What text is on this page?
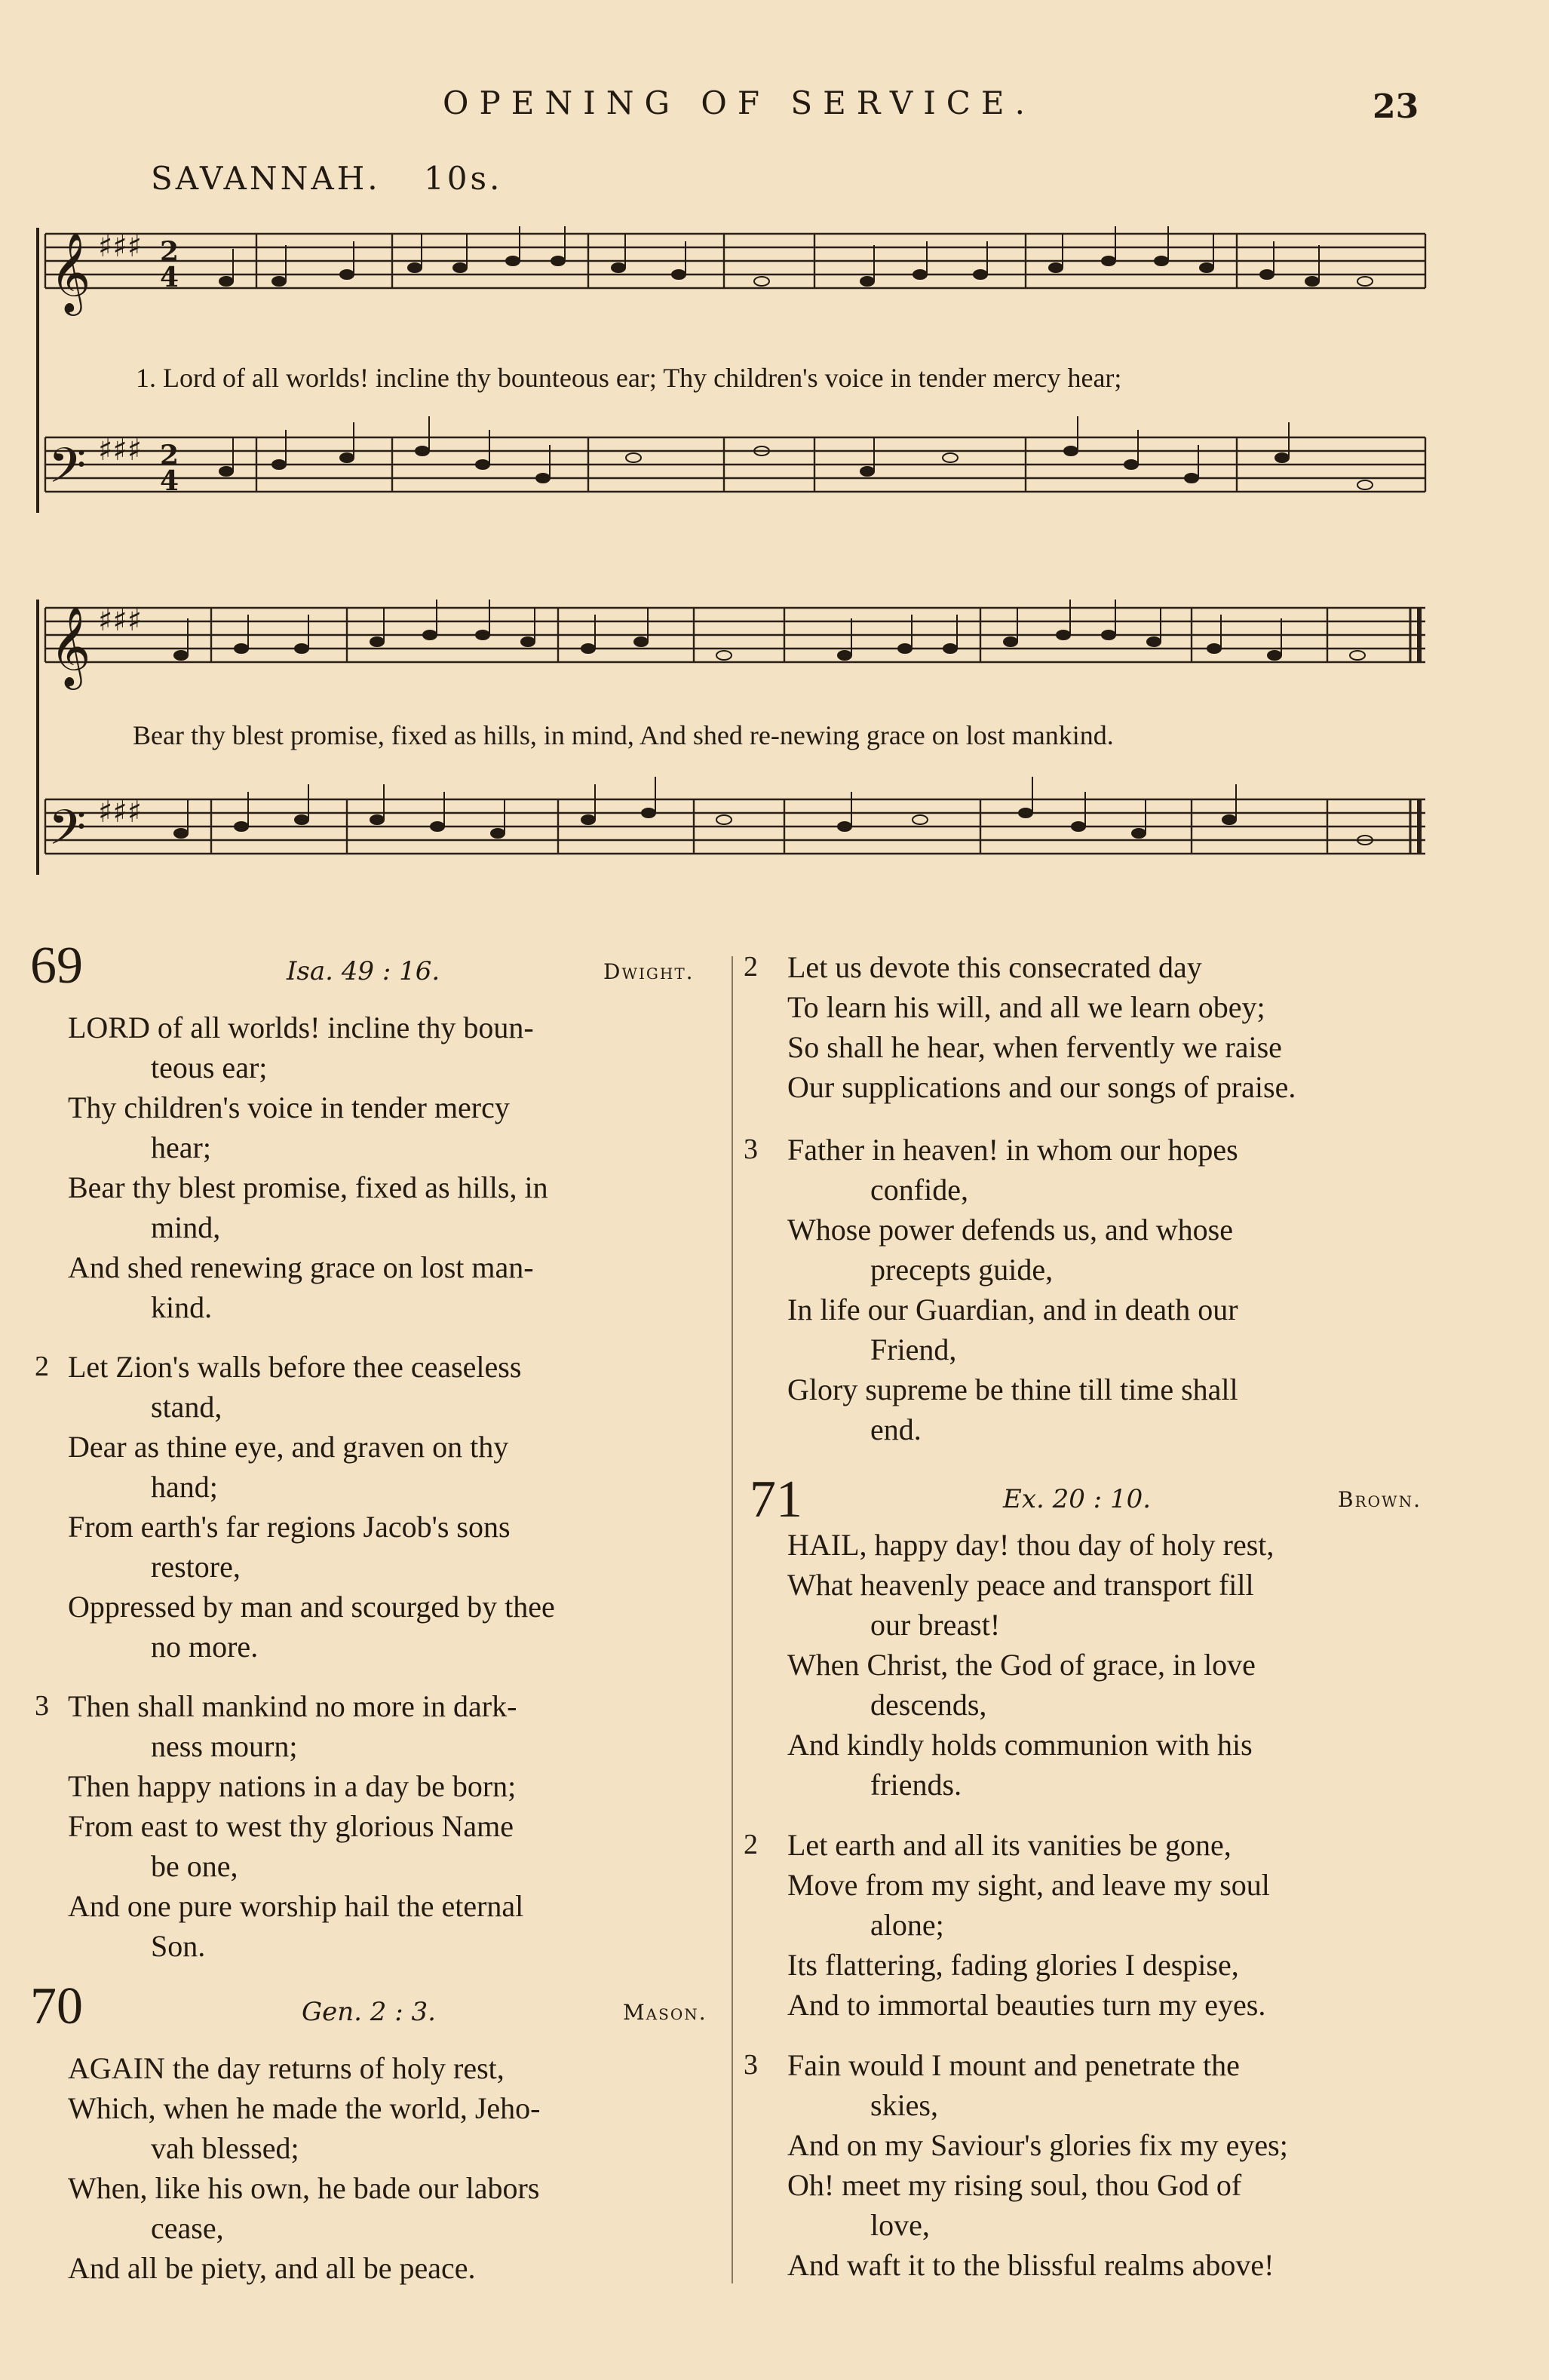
OPENING OF SERVICE.	23
SAVANNAH. 10s.
𝄞
𝄢
𝄞
𝄢
♯♯♯
♯♯♯
♯♯♯
♯♯♯
2
4
2
4
1. Lord of all worlds! incline thy bounteous ear; Thy children's voice in tender mercy hear;
Bear thy blest promise, fixed as hills, in mind, And shed re-newing grace on lost mankind.
69	Isa. 49 : 16.	Dwight.
LORD of all worlds! incline thy boun-
teous ear;
Thy children's voice in tender mercy
hear;
Bear thy blest promise, fixed as hills, in
mind,
And shed renewing grace on lost man-
kind.
2 Let Zion's walls before thee ceaseless
stand,
Dear as thine eye, and graven on thy
hand;
From earth's far regions Jacob's sons
restore,
Oppressed by man and scourged by thee
no more.
3 Then shall mankind no more in dark-
ness mourn;
Then happy nations in a day be born;
From east to west thy glorious Name
be one,
And one pure worship hail the eternal
Son.
70	Gen. 2 : 3.	Mason.
AGAIN the day returns of holy rest,
Which, when he made the world, Jeho-
vah blessed;
When, like his own, he bade our labors
cease,
And all be piety, and all be peace.
2 Let us devote this consecrated day
To learn his will, and all we learn obey;
So shall he hear, when fervently we raise
Our supplications and our songs of praise.
3 Father in heaven! in whom our hopes
confide,
Whose power defends us, and whose
precepts guide,
In life our Guardian, and in death our
Friend,
Glory supreme be thine till time shall
end.
71	Ex. 20 : 10.	Brown.
HAIL, happy day! thou day of holy rest,
What heavenly peace and transport fill
our breast!
When Christ, the God of grace, in love
descends,
And kindly holds communion with his
friends.
2 Let earth and all its vanities be gone,
Move from my sight, and leave my soul
alone;
Its flattering, fading glories I despise,
And to immortal beauties turn my eyes.
3 Fain would I mount and penetrate the
skies,
And on my Saviour's glories fix my eyes;
Oh! meet my rising soul, thou God of
love,
And waft it to the blissful realms above!
